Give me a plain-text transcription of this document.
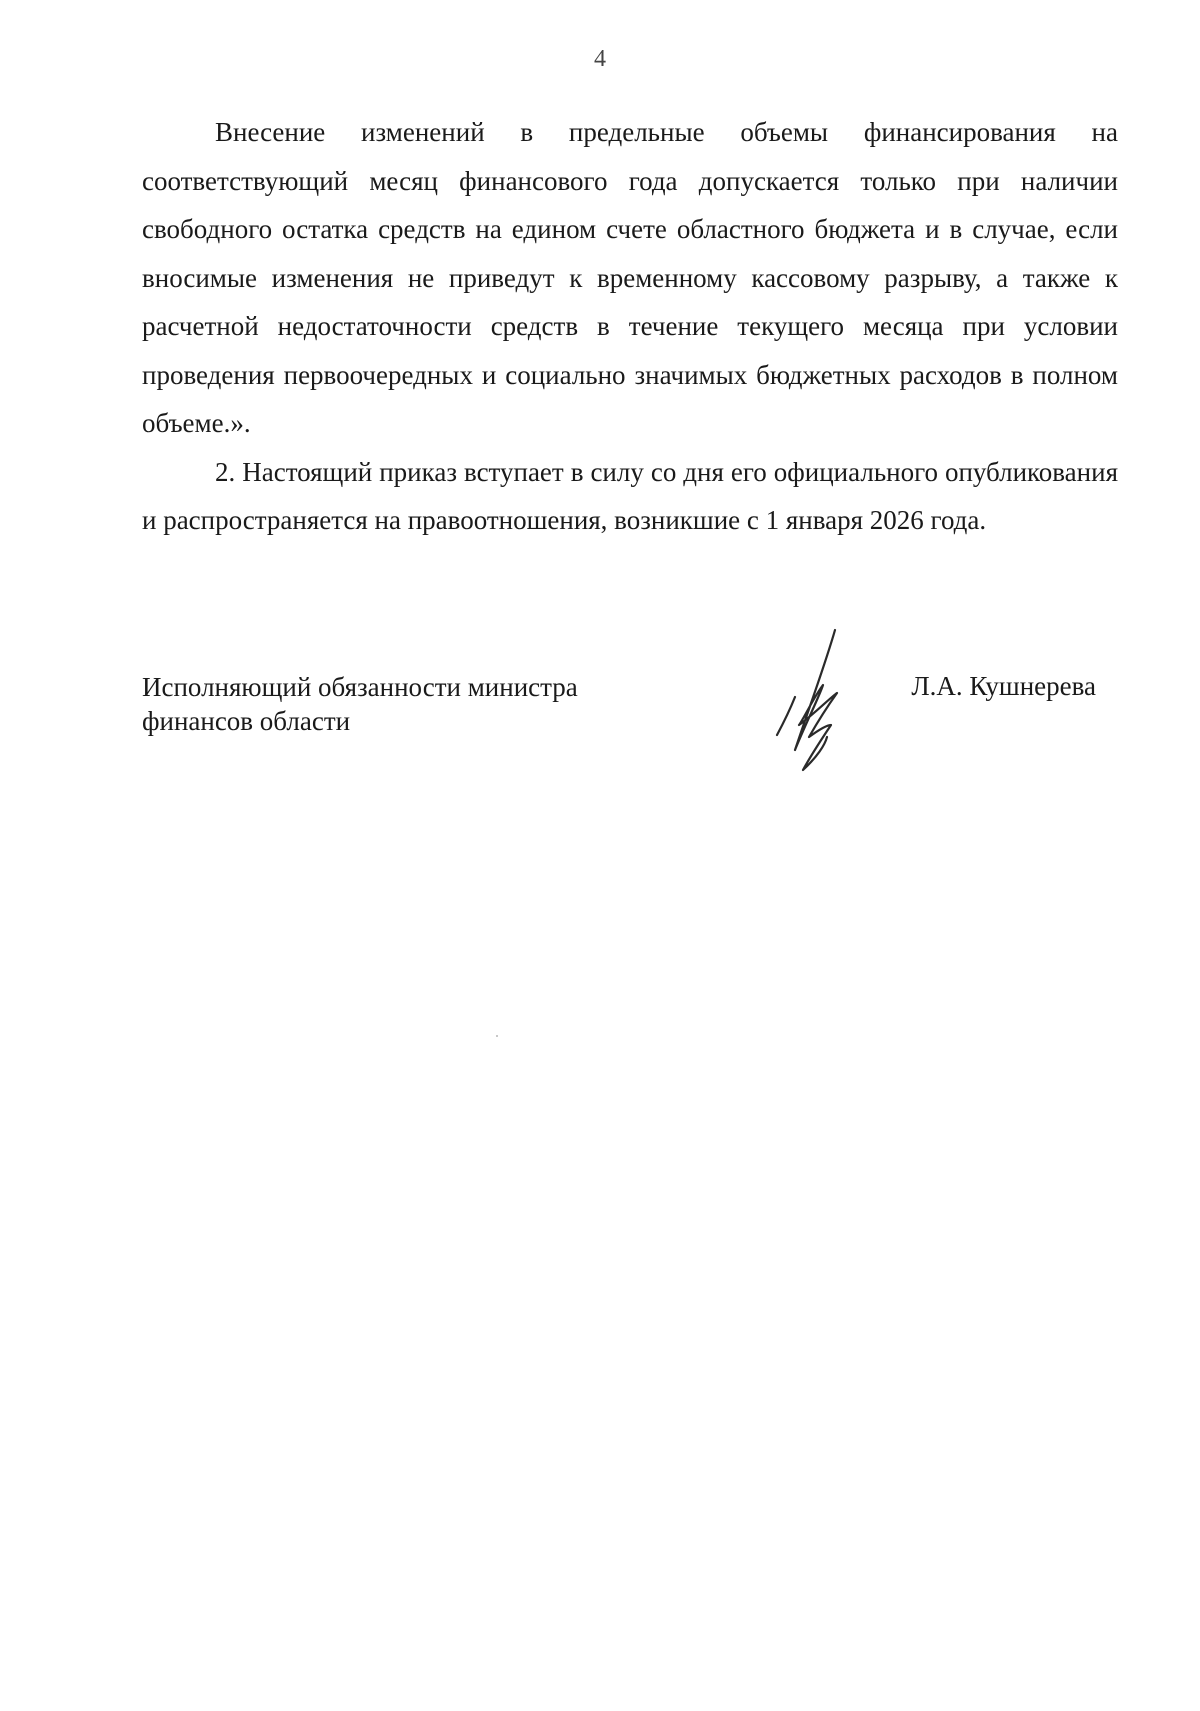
4

Внесение изменений в предельные объемы финансирования на соответствующий месяц финансового года допускается только при наличии свободного остатка средств на едином счете областного бюджета и в случае, если вносимые изменения не приведут к временному кассовому разрыву, а также к расчетной недостаточности средств в течение текущего месяца при условии проведения первоочередных и социально значимых бюджетных расходов в полном объеме.».

2. Настоящий приказ вступает в силу со дня его официального опубликования и распространяется на правоотношения, возникшие с 1 января 2026 года.

Исполняющий обязанности министра
финансов области
Л.А. Кушнерева
